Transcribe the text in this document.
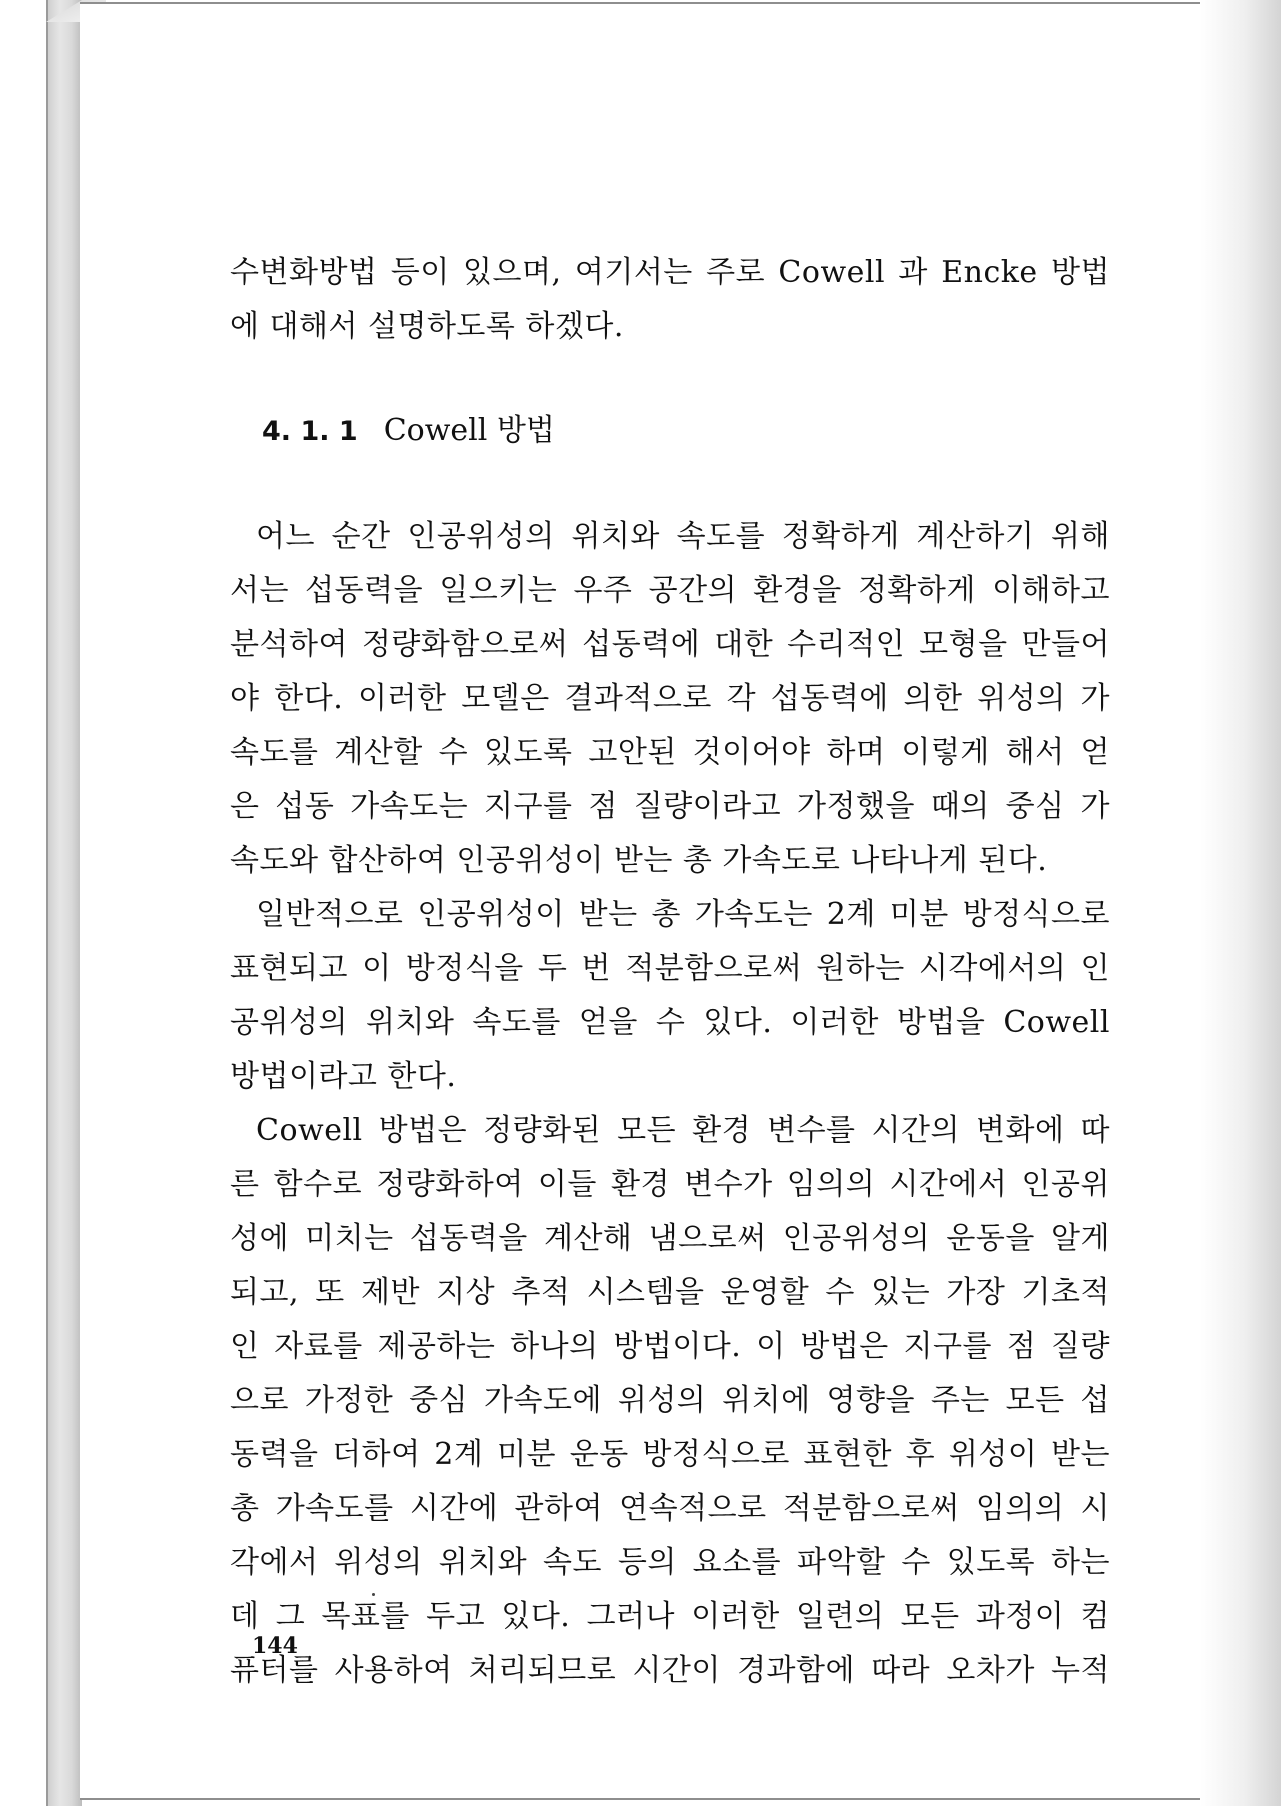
수변화방법 등이 있으며, 여기서는 주로 Cowell 과 Encke 방법
에 대해서 설명하도록 하겠다.
4. 1. 1 Cowell 방법
어느 순간 인공위성의 위치와 속도를 정확하게 계산하기 위해
서는 섭동력을 일으키는 우주 공간의 환경을 정확하게 이해하고
분석하여 정량화함으로써 섭동력에 대한 수리적인 모형을 만들어
야 한다. 이러한 모델은 결과적으로 각 섭동력에 의한 위성의 가
속도를 계산할 수 있도록 고안된 것이어야 하며 이렇게 해서 얻
은 섭동 가속도는 지구를 점 질량이라고 가정했을 때의 중심 가
속도와 합산하여 인공위성이 받는 총 가속도로 나타나게 된다.
일반적으로 인공위성이 받는 총 가속도는 2계 미분 방정식으로
표현되고 이 방정식을 두 번 적분함으로써 원하는 시각에서의 인
공위성의 위치와 속도를 얻을 수 있다. 이러한 방법을 Cowell
방법이라고 한다.
Cowell 방법은 정량화된 모든 환경 변수를 시간의 변화에 따
른 함수로 정량화하여 이들 환경 변수가 임의의 시간에서 인공위
성에 미치는 섭동력을 계산해 냄으로써 인공위성의 운동을 알게
되고, 또 제반 지상 추적 시스템을 운영할 수 있는 가장 기초적
인 자료를 제공하는 하나의 방법이다. 이 방법은 지구를 점 질량
으로 가정한 중심 가속도에 위성의 위치에 영향을 주는 모든 섭
동력을 더하여 2계 미분 운동 방정식으로 표현한 후 위성이 받는
총 가속도를 시간에 관하여 연속적으로 적분함으로써 임의의 시
각에서 위성의 위치와 속도 등의 요소를 파악할 수 있도록 하는
데 그 목표를 두고 있다. 그러나 이러한 일련의 모든 과정이 컴
퓨터를 사용하여 처리되므로 시간이 경과함에 따라 오차가 누적
144
